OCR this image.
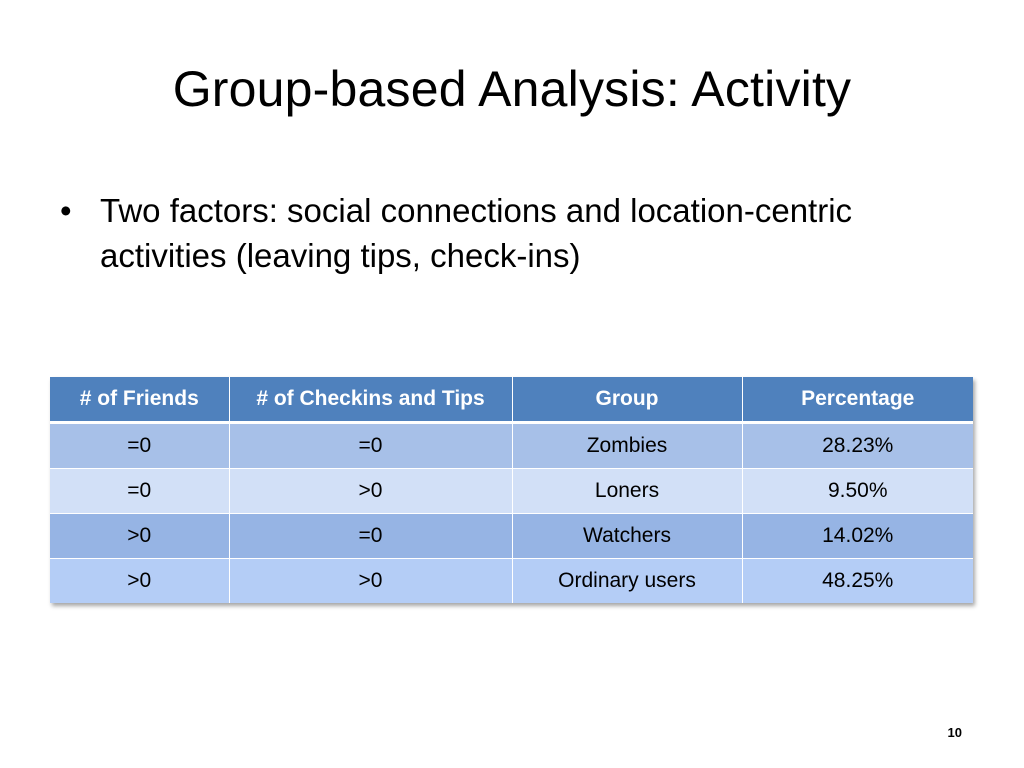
Group-based Analysis: Activity
• Two factors: social connections and location-centric activities (leaving tips, check-ins)
# of Friends	# of Checkins and Tips	Group	Percentage
=0	=0	Zombies	28.23%
=0	>0	Loners	9.50%
>0	=0	Watchers	14.02%
>0	>0	Ordinary users	48.25%
10
